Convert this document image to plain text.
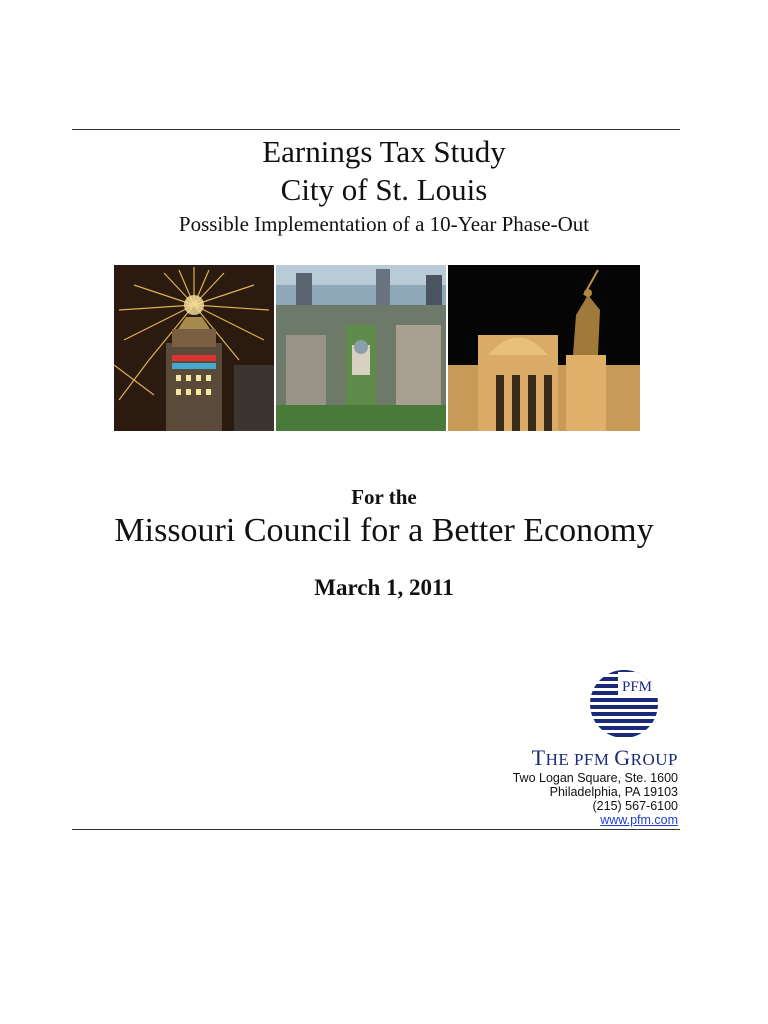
Earnings Tax Study
City of St. Louis
Possible Implementation of a 10-Year Phase-Out
For the
Missouri Council for a Better Economy
March 1, 2011
PFM
THE PFM GROUP
Two Logan Square, Ste. 1600
Philadelphia, PA 19103
(215) 567-6100
www.pfm.com
